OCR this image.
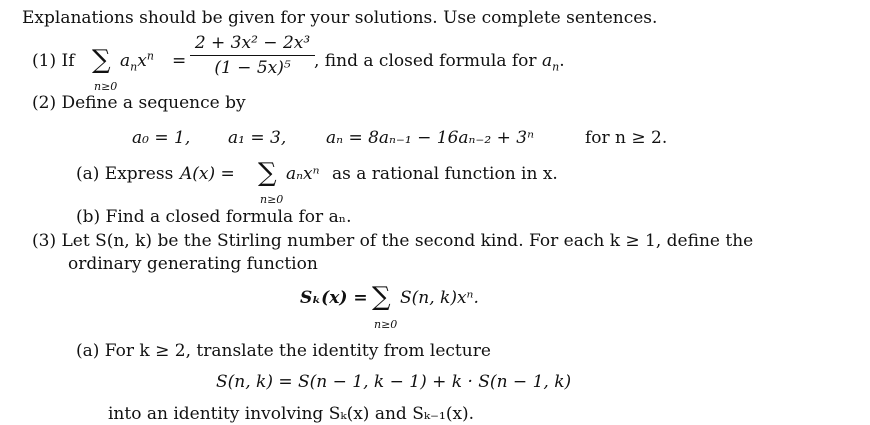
Explanations should be given for your solutions. Use complete sentences.
(1) If ∑
n≥0
$a_nx^n$ =
2 + 3x² − 2x³
(1 − 5x)⁵	, find a closed formula for $a_n$.
(2) Define a sequence by
a₀ = 1, a₁ = 3, aₙ = 8aₙ₋₁ − 16aₙ₋₂ + 3ⁿ	for n ≥ 2.
(a) Express A(x) = ∑
n≥0
aₙxⁿ as a rational function in x.
(b) Find a closed formula for aₙ.
(3) Let S(n, k) be the Stirling number of the second kind. For each k ≥ 1, define the
ordinary generating function
Sₖ(x) = ∑
n≥0
S(n, k)xⁿ.
(a) For k ≥ 2, translate the identity from lecture
S(n, k) = S(n − 1, k − 1) + k · S(n − 1, k)
into an identity involving Sₖ(x) and Sₖ₋₁(x).
